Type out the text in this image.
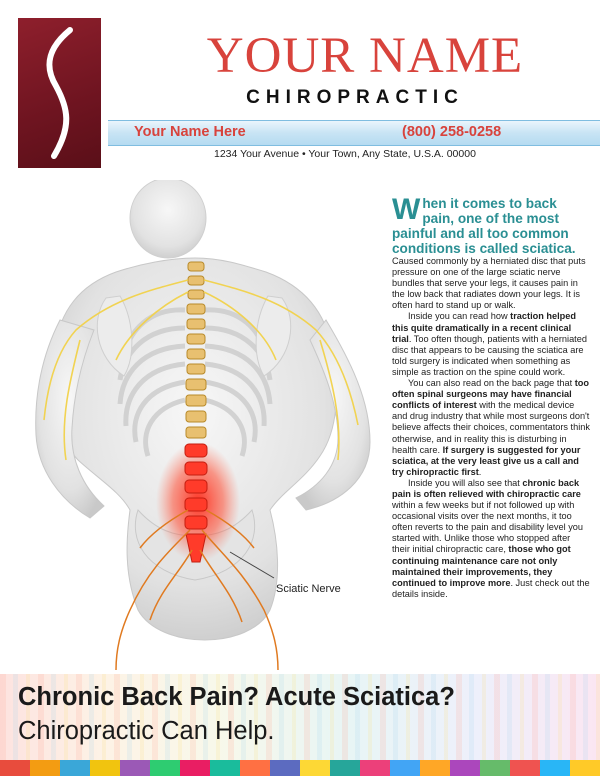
YOUR NAME
CHIROPRACTIC
Your Name Here	(800) 258-0258
1234 Your Avenue • Your Town, Any State, U.S.A. 00000
Sciatic Nerve
When it comes to back pain, one of the most painful and all too common conditions is called sciatica.

Caused commonly by a herniated disc that puts pressure on one of the large sciatic nerve bundles that serve your legs, it causes pain in the low back that radiates down your legs. It is often hard to stand up or walk.

Inside you can read how traction helped this quite dramatically in a recent clinical trial. Too often though, patients with a herniated disc that appears to be causing the sciatica are told surgery is indicated when something as simple as traction on the spine could work.

You can also read on the back page that too often spinal surgeons may have financial conflicts of interest with the medical device and drug industry that while most surgeons don't believe affects their choices, commentators think otherwise, and in reality this is disturbing in health care. If surgery is suggested for your sciatica, at the very least give us a call and try chiropractic first.

Inside you will also see that chronic back pain is often relieved with chiropractic care within a few weeks but if not followed up with occasional visits over the next months, it too often reverts to the pain and disability level you started with. Unlike those who stopped after their initial chiropractic care, those who got continuing maintenance care not only maintained their improvements, they continued to improve more. Just check out the details inside.

Chronic Back Pain? Acute Sciatica?
Chiropractic Can Help.
